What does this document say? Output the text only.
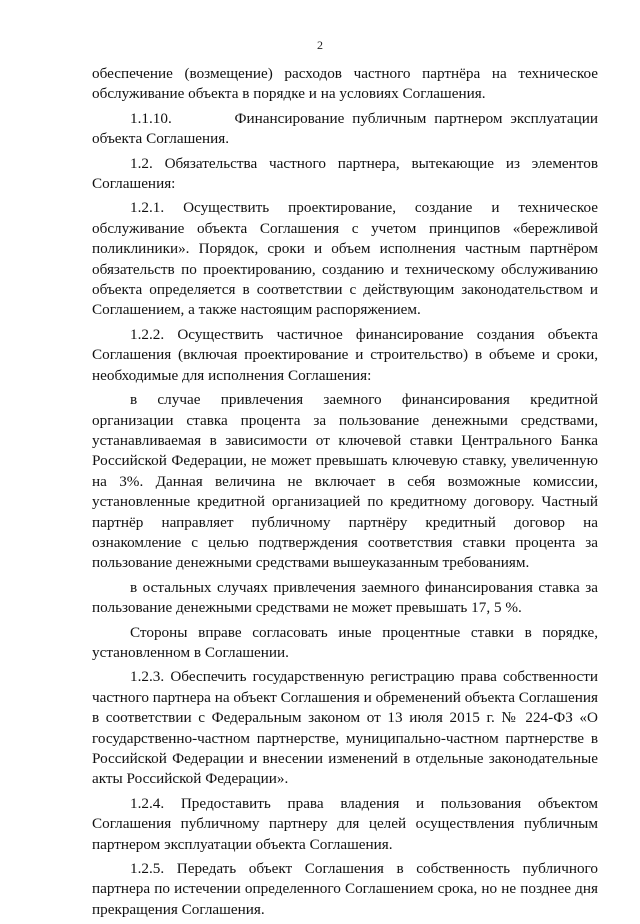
2

обеспечение (возмещение) расходов частного партнёра на техническое обслуживание объекта в порядке и на условиях Соглашения.

1.1.10.        Финансирование публичным партнером эксплуатации объекта Соглашения.

1.2. Обязательства частного партнера, вытекающие из элементов Соглашения:

1.2.1. Осуществить проектирование, создание и техническое обслуживание объекта Соглашения с учетом принципов «бережливой поликлиники». Порядок, сроки и объем исполнения частным партнёром обязательств по проектированию, созданию и техническому обслуживанию объекта определяется в соответствии с действующим законодательством и Соглашением, а также настоящим распоряжением.

1.2.2. Осуществить частичное финансирование создания объекта Соглашения (включая проектирование и строительство) в объеме и сроки, необходимые для исполнения Соглашения:

в случае привлечения заемного финансирования кредитной организации ставка процента за пользование денежными средствами, устанавливаемая в зависимости от ключевой ставки Центрального Банка Российской Федерации, не может превышать ключевую ставку, увеличенную на 3%. Данная величина не включает в себя возможные комиссии, установленные кредитной организацией по кредитному договору. Частный партнёр направляет публичному партнёру кредитный договор на ознакомление с целью подтверждения соответствия ставки процента за пользование денежными средствами вышеуказанным требованиям.

в остальных случаях привлечения заемного финансирования ставка за пользование денежными средствами не может превышать 17, 5 %.

Стороны вправе согласовать иные процентные ставки в порядке, установленном в Соглашении.

1.2.3. Обеспечить государственную регистрацию права собственности частного партнера на объект Соглашения и обременений объекта Соглашения в соответствии с Федеральным законом от 13 июля 2015 г. № 224-ФЗ «О государственно-частном партнерстве, муниципально-частном партнерстве в Российской Федерации и внесении изменений в отдельные законодательные акты Российской Федерации».

1.2.4. Предоставить права владения и пользования объектом Соглашения публичному партнеру для целей осуществления публичным партнером эксплуатации объекта Соглашения.

1.2.5. Передать объект Соглашения в собственность публичного партнера по истечении определенного Соглашением срока, но не позднее дня прекращения Соглашения.
